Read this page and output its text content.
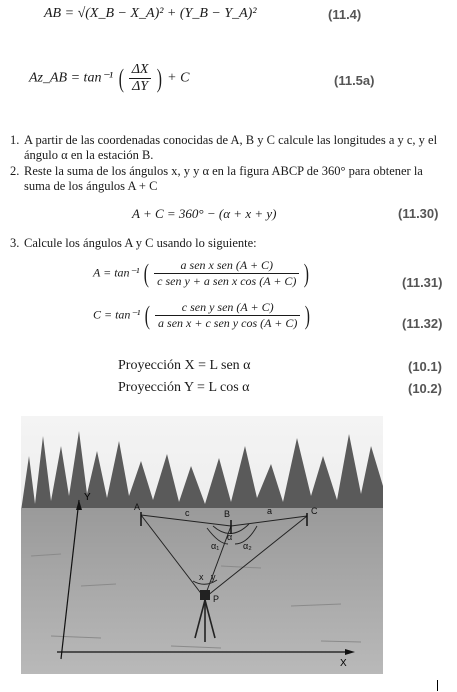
AB = √(X_B − X_A)² + (Y_B − Y_A)²	(11.4)
Az_AB = tan⁻¹ ( $\frac{\Delta X}{\Delta Y}$ ) + C	(11.5a)
1. A partir de las coordenadas conocidas de A, B y C calcule las longitudes a y c, y el ángulo α en la estación B.
2. Reste la suma de los ángulos x, y y α en la figura ABCP de 360° para obtener la suma de los ángulos A + C
A + C = 360° − (α + x + y)	(11.30)
3. Calcule los ángulos A y C usando lo siguiente:
A = tan⁻¹ ( $\frac{\text{a sen x sen (A + C)}}{\text{c sen y + a sen x cos (A + C)}}$ )	(11.31)
C = tan⁻¹ ( $\frac{\text{c sen y sen (A + C)}}{\text{a sen x + c sen y cos (A + C)}}$ )	(11.32)
Proyección X = L sen α	(10.1)
Proyección Y = L cos α	(10.2)
Y
X
A
B	C
P
c	a
α
α₁	α₂
x y
